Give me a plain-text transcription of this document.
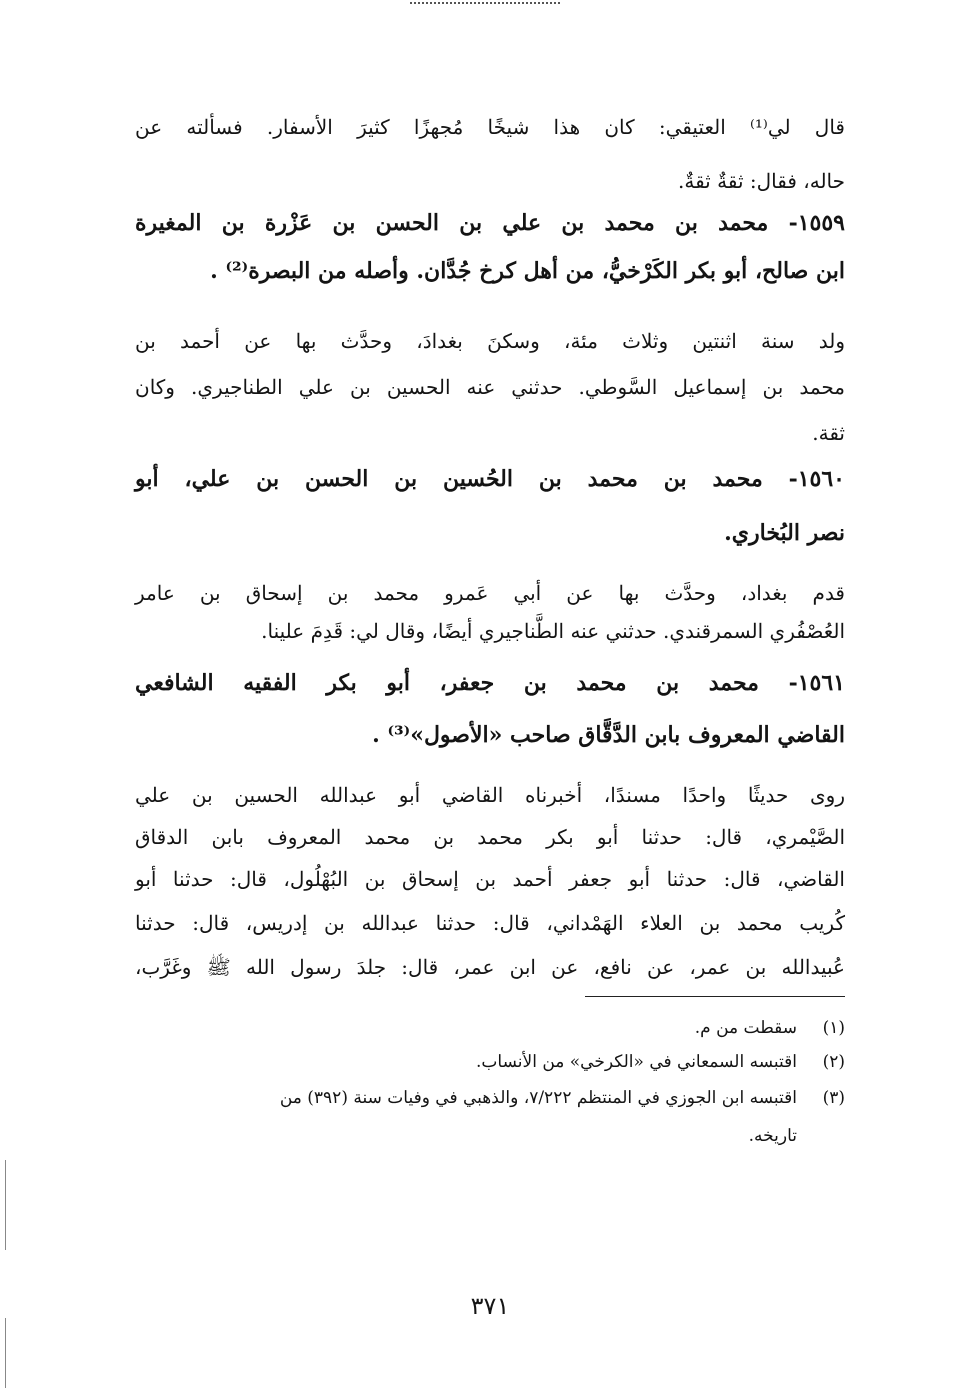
قال لي⁽¹⁾ العتيقي: كان هذا شيخًا مُجهزًا كثيرَ الأسفار. فسألته عن
حاله، فقال: ثقةٌ ثقةٌ.
١٥٥٩- محمد بن محمد بن علي بن الحسن بن عَزْرة بن المغيرة
ابن صالح، أبو بكر الكَرْخيُّ، من أهل كرخ جُدَّان. وأصله من البصرة⁽²⁾ .
ولد سنة اثنتين وثلاث مئة، وسكنَ بغدادَ، وحدَّث بها عن أحمد بن
محمد بن إسماعيل السَّوطي. حدثني عنه الحسين بن علي الطناجيري. وكان
ثقة.
١٥٦٠- محمد بن محمد بن الحُسين بن الحسن بن علي، أبو
نصر البُخاري.
قدم بغداد، وحدَّث بها عن أبي عَمرو محمد بن إسحاق بن عامر
العُصْفُري السمرقندي. حدثني عنه الطَّناجيري أيضًا، وقال لي: قَدِمَ علينا.
١٥٦١- محمد بن محمد بن جعفر، أبو بكر الفقيه الشافعي
القاضي المعروف بابن الدَّقَّاق صاحب «الأصول»⁽³⁾ .
روى حديثًا واحدًا مسندًا، أخبرناه القاضي أبو عبدالله الحسين بن علي
الصَّيْمري، قال: حدثنا أبو بكر محمد بن محمد المعروف بابن الدقاق
القاضي، قال: حدثنا أبو جعفر أحمد بن إسحاق بن البُهْلُول، قال: حدثنا أبو
كُريب محمد بن العلاء الهَمْداني، قال: حدثنا عبدالله بن إدريس، قال: حدثنا
عُبيدالله بن عمر، عن نافع، عن ابن عمر، قال: جلدَ رسول الله ﷺ وغَرَّب،
(١)سقطت من م.
(٢)اقتبسه السمعاني في «الكرخي» من الأنساب.
(٣)اقتبسه ابن الجوزي في المنتظم ٧/٢٢٢، والذهبي في وفيات سنة (٣٩٢) من
تاريخه.
٣٧١
